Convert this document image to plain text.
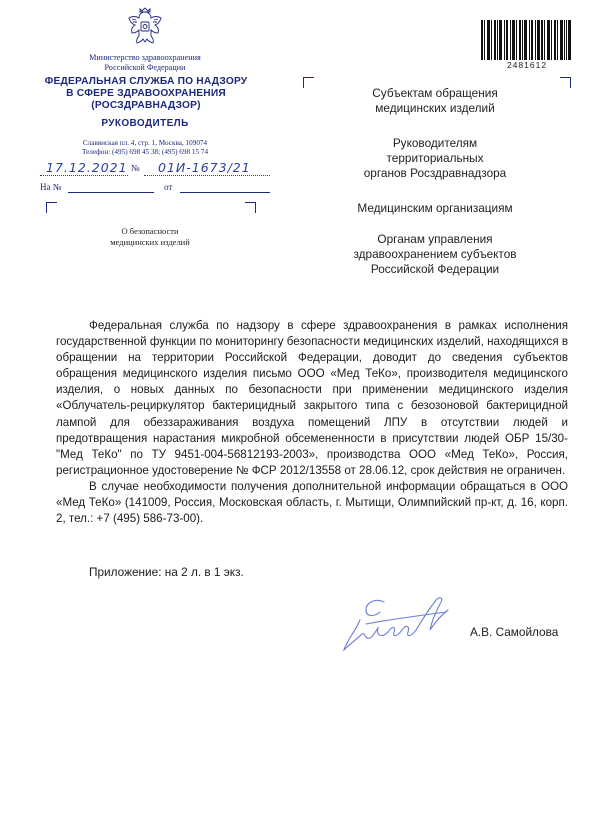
Министерство здравоохранения
Российской Федерации
ФЕДЕРАЛЬНАЯ СЛУЖБА ПО НАДЗОРУ
В СФЕРЕ ЗДРАВООХРАНЕНИЯ
(РОСЗДРАВНАДЗОР)
РУКОВОДИТЕЛЬ
Славянская пл. 4, стр. 1, Москва, 109074
Телефон: (495) 698 45 38; (495) 698 15 74
17.12.2021 № 01И-1673/21
На №	от
О безопасности
медицинских изделий
2481612
Субъектам обращения
медицинских изделий
Руководителям
территориальных
органов Росздравнадзора
Медицинским организациям
Органам управления
здравоохранением субъектов
Российской Федерации

Федеральная служба по надзору в сфере здравоохранения в рамках исполнения государственной функции по мониторингу безопасности медицинских изделий, находящихся в обращении на территории Российской Федерации, доводит до сведения субъектов обращения медицинского изделия письмо ООО «Мед ТеКо», производителя медицинского изделия, о новых данных по безопасности при применении медицинского изделия «Облучатель-рециркулятор бактерицидный закрытого типа с безозоновой бактерицидной лампой для обеззараживания воздуха помещений ЛПУ в отсутствии людей и предотвращения нарастания микробной обсемененности в присутствии людей ОБР 15/30-"Мед ТеКо" по ТУ 9451-004-56812193-2003», производства ООО «Мед ТеКо», Россия, регистрационное удостоверение № ФСР 2012/13558 от 28.06.12, срок действия не ограничен.

В случае необходимости получения дополнительной информации обращаться в ООО «Мед ТеКо» (141009, Россия, Московская область, г. Мытищи, Олимпийский пр-кт, д. 16, корп. 2, тел.: +7 (495) 586-73-00).

Приложение: на 2 л. в 1 экз.
А.В. Самойлова
